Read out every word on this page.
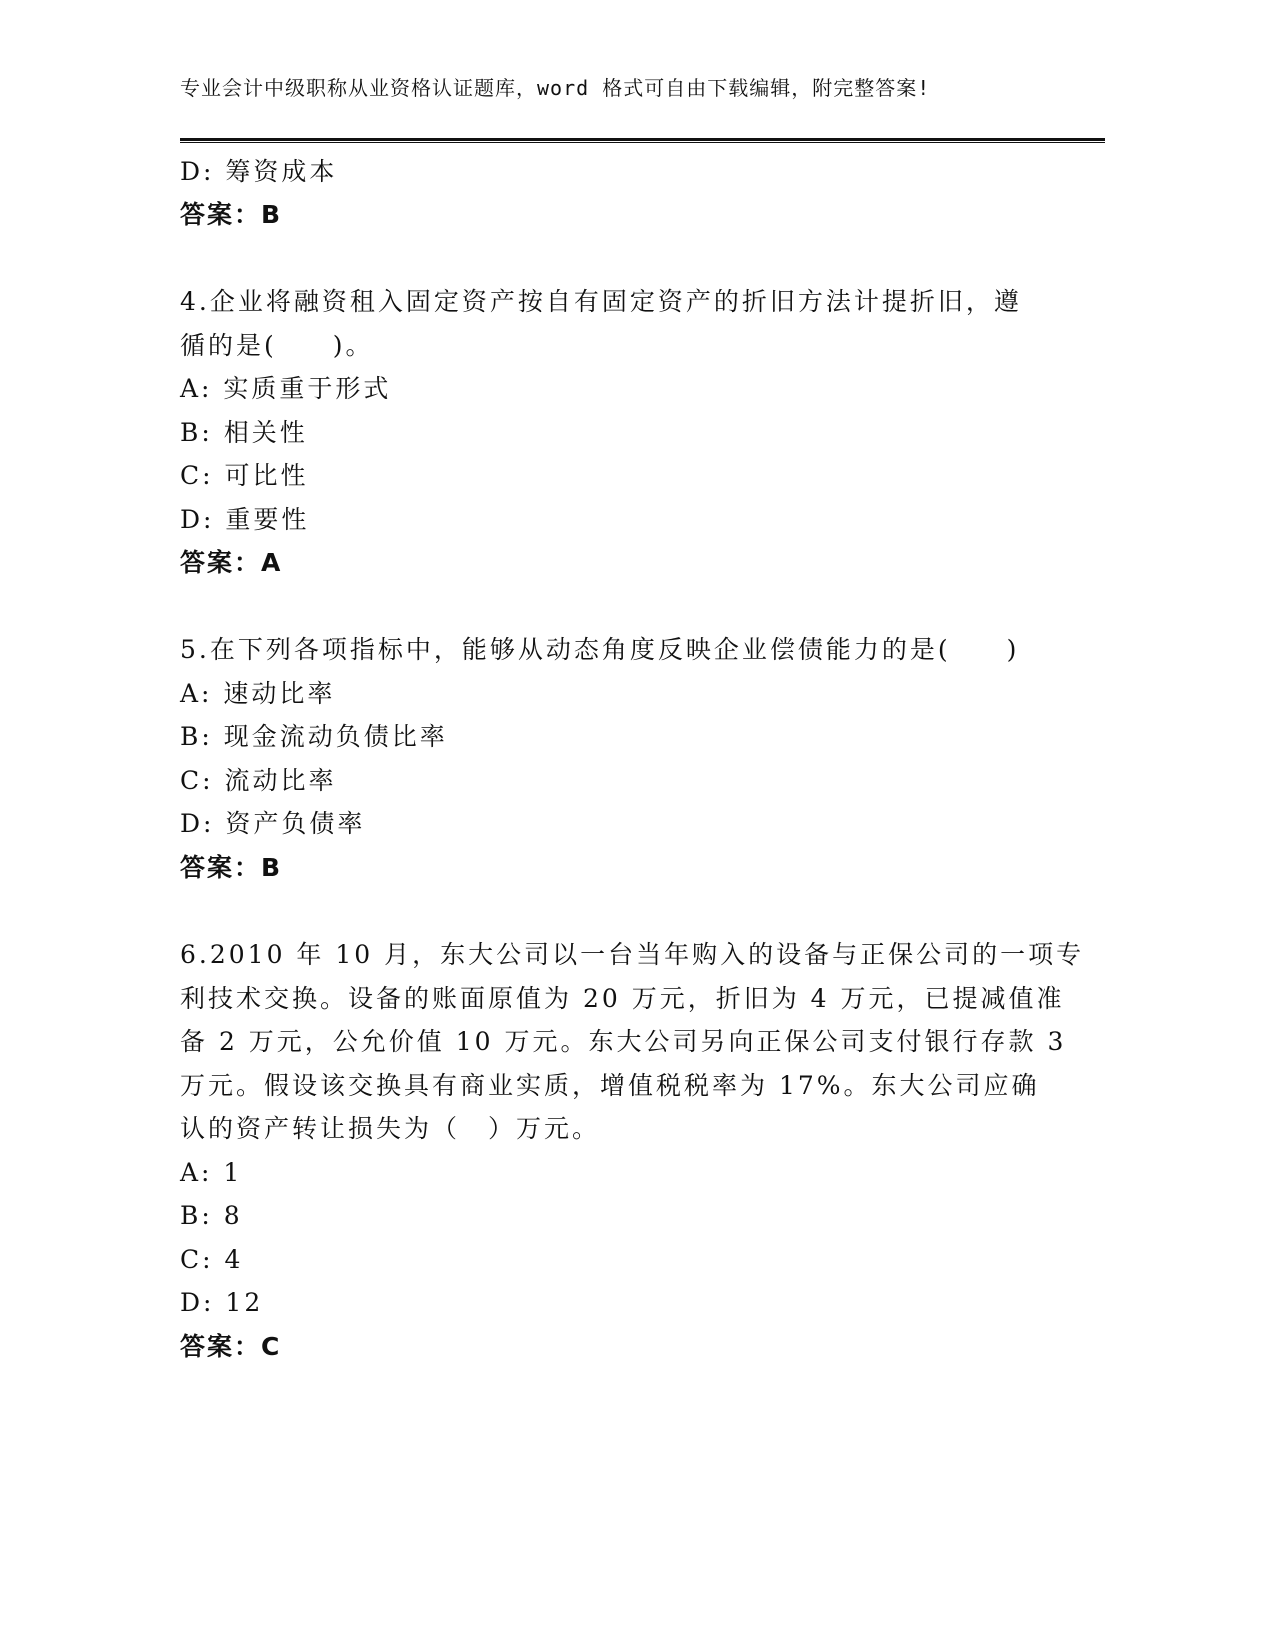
专业会计中级职称从业资格认证题库，word 格式可自由下载编辑，附完整答案!
D: 筹资成本
答案：B
4.企业将融资租入固定资产按自有固定资产的折旧方法计提折旧，遵
循的是(　　)。
A: 实质重于形式
B: 相关性
C: 可比性
D: 重要性
答案：A
5.在下列各项指标中，能够从动态角度反映企业偿债能力的是(　　)
A: 速动比率
B: 现金流动负债比率
C: 流动比率
D: 资产负债率
答案：B
6.2010 年 10 月，东大公司以一台当年购入的设备与正保公司的一项专
利技术交换。设备的账面原值为 20 万元，折旧为 4 万元，已提减值准
备 2 万元，公允价值 10 万元。东大公司另向正保公司支付银行存款 3
万元。假设该交换具有商业实质，增值税税率为 17%。东大公司应确
认的资产转让损失为（　）万元。
A: 1
B: 8
C: 4
D: 12
答案：C
